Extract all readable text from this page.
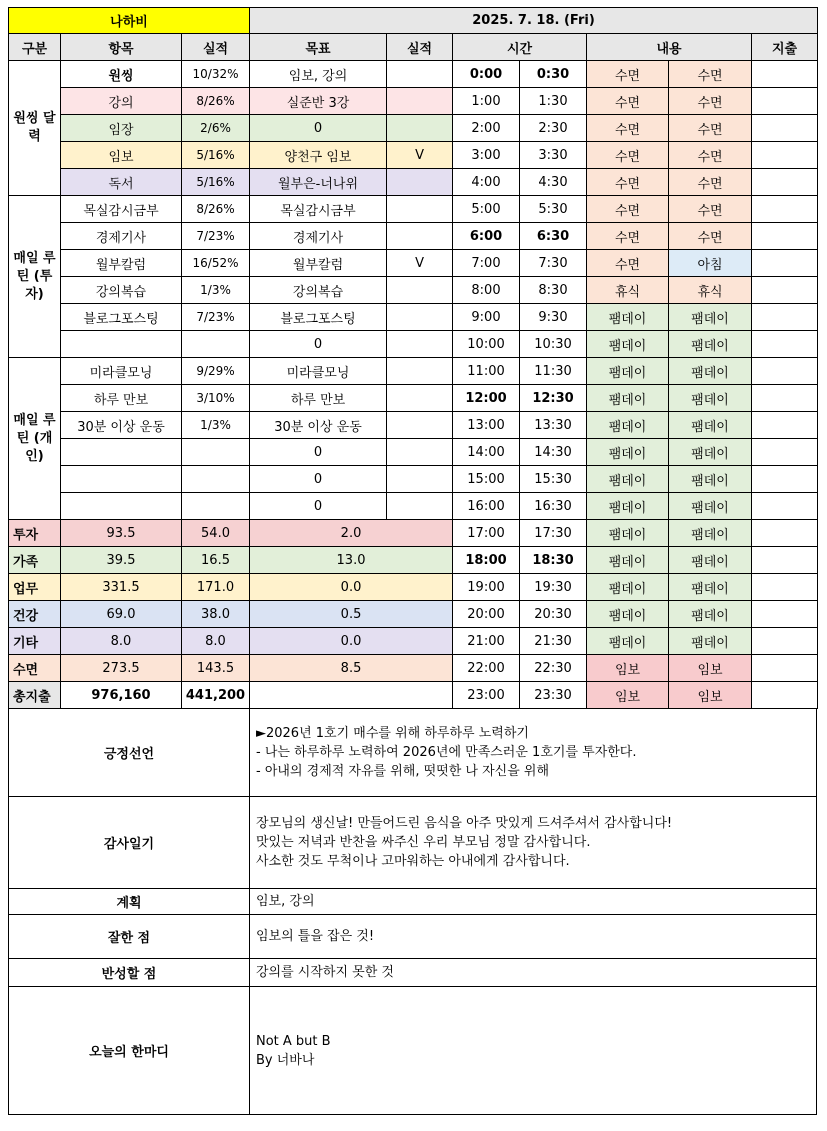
나하비			2025. 7. 18. (Fri)						
구분	항목	실적	목표	실적	시간		내용		지출
원씽 달력	원씽	10/32%	임보, 강의		0:00	0:30	수면	수면	
	강의	8/26%	실준반 3강		1:00	1:30	수면	수면	
	임장	2/6%	0		2:00	2:30	수면	수면	
	임보	5/16%	양천구 임보	V	3:00	3:30	수면	수면	
	독서	5/16%	월부은-너나위		4:00	4:30	수면	수면	
매일 루틴 (투자)	목실감시금부	8/26%	목실감시금부		5:00	5:30	수면	수면	
	경제기사	7/23%	경제기사		6:00	6:30	수면	수면	
	월부칼럼	16/52%	월부칼럼	V	7:00	7:30	수면	아침	
	강의복습	1/3%	강의복습		8:00	8:30	휴식	휴식	
	블로그포스팅	7/23%	블로그포스팅		9:00	9:30	팸데이	팸데이	
			0		10:00	10:30	팸데이	팸데이	
매일 루틴 (개인)	미라클모닝	9/29%	미라클모닝		11:00	11:30	팸데이	팸데이	
	하루 만보	3/10%	하루 만보		12:00	12:30	팸데이	팸데이	
	30분 이상 운동	1/3%	30분 이상 운동		13:00	13:30	팸데이	팸데이	
			0		14:00	14:30	팸데이	팸데이	
			0		15:00	15:30	팸데이	팸데이	
			0		16:00	16:30	팸데이	팸데이	
투자	93.5	54.0	2.0		17:00	17:30	팸데이	팸데이	
가족	39.5	16.5	13.0		18:00	18:30	팸데이	팸데이	
업무	331.5	171.0	0.0		19:00	19:30	팸데이	팸데이	
건강	69.0	38.0	0.5		20:00	20:30	팸데이	팸데이	
기타	8.0	8.0	0.0		21:00	21:30	팸데이	팸데이	
수면	273.5	143.5	8.5		22:00	22:30	임보	임보	
총지출	976,160	441,200			23:00	23:30	임보	임보	
긍정선언	►2026년 1호기 매수를 위해 하루하루 노력하기
- 나는 하루하루 노력하여 2026년에 만족스러운 1호기를 투자한다.
- 아내의 경제적 자유를 위해, 떳떳한 나 자신을 위해
감사일기	장모님의 생신날! 만들어드린 음식을 아주 맛있게 드셔주셔서 감사합니다!
맛있는 저녁과 반찬을 싸주신 우리 부모님 정말 감사합니다.
사소한 것도 무척이나 고마워하는 아내에게 감사합니다.
계획	임보, 강의
잘한 점	임보의 틀을 잡은 것!
반성할 점	강의를 시작하지 못한 것
오늘의 한마디	Not A but B
By 너바나
